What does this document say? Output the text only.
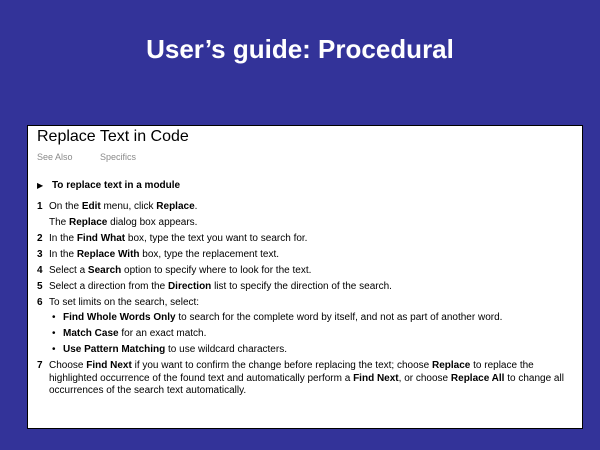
User’s guide: Procedural
Replace Text in Code
See Also	Specifics
▶ To replace text in a module
1 On the Edit menu, click Replace.
The Replace dialog box appears.
2 In the Find What box, type the text you want to search for.
3 In the Replace With box, type the replacement text.
4 Select a Search option to specify where to look for the text.
5 Select a direction from the Direction list to specify the direction of the search.
6 To set limits on the search, select:
• Find Whole Words Only to search for the complete word by itself, and not as part of another word.
• Match Case for an exact match.
• Use Pattern Matching to use wildcard characters.
7 Choose Find Next if you want to confirm the change before replacing the text; choose Replace to replace the highlighted occurrence of the found text and automatically perform a Find Next, or choose Replace All to change all occurrences of the search text automatically.
